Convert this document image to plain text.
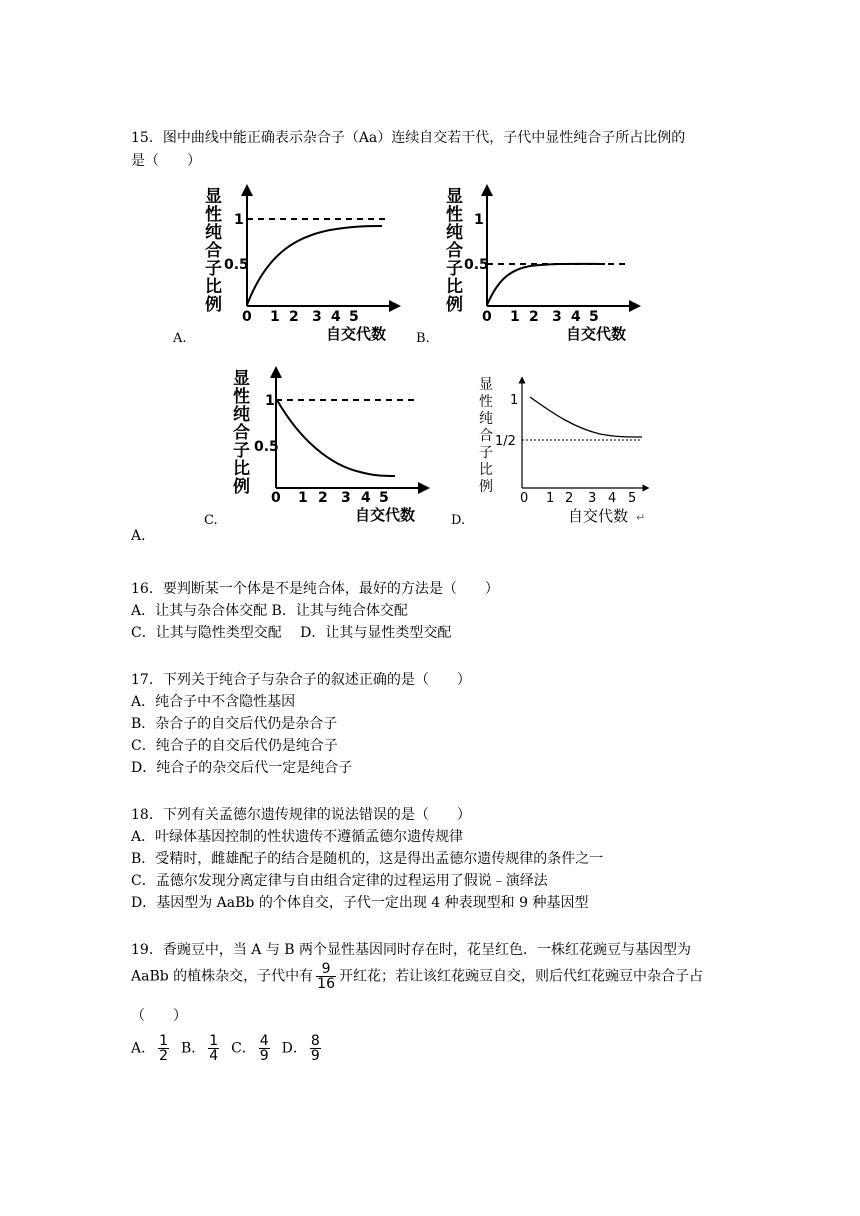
15．图中曲线中能正确表示杂合子（Aa）连续自交若干代，子代中显性纯合子所占比例的
是（　　）
显
性
纯
合
子
比
例
1
0.5
0 1 2 3 4 5
自交代数
A.
显
性
纯
合
子
比
例
1
0.5
0 1 2 3 4 5
自交代数
B.
显
性
纯
合
子
比
例
1
0.5
0 1 2 3 4 5
自交代数
C.
显
性
纯
合
子
比
例
1
1/2
0 1 2 3 4 5
自交代数 ↵
D.
A．
16．要判断某一个体是不是纯合体，最好的方法是（　　）
A．让其与杂合体交配 B．让其与纯合体交配
C．让其与隐性类型交配　 D．让其与显性类型交配
17．下列关于纯合子与杂合子的叙述正确的是（　　）
A．纯合子中不含隐性基因
B．杂合子的自交后代仍是杂合子
C．纯合子的自交后代仍是纯合子
D．纯合子的杂交后代一定是纯合子
18．下列有关孟德尔遗传规律的说法错误的是（　　）
A．叶绿体基因控制的性状遗传不遵循孟德尔遗传规律
B．受精时，雌雄配子的结合是随机的，这是得出孟德尔遗传规律的条件之一
C．孟德尔发现分离定律与自由组合定律的过程运用了假说﹣演绎法
D．基因型为 AaBb 的个体自交，子代一定出现 4 种表现型和 9 种基因型
19．香豌豆中，当 A 与 B 两个显性基因同时存在时，花呈红色．一株红花豌豆与基因型为
AaBb 的植株杂交，子代中有 $\frac{9}{16}$ 开红花；若让该红花豌豆自交，则后代红花豌豆中杂合子占
（　　）
A． $\frac{1}{2}$ B． $\frac{1}{4}$ C． $\frac{4}{9}$ D． $\frac{8}{9}$
